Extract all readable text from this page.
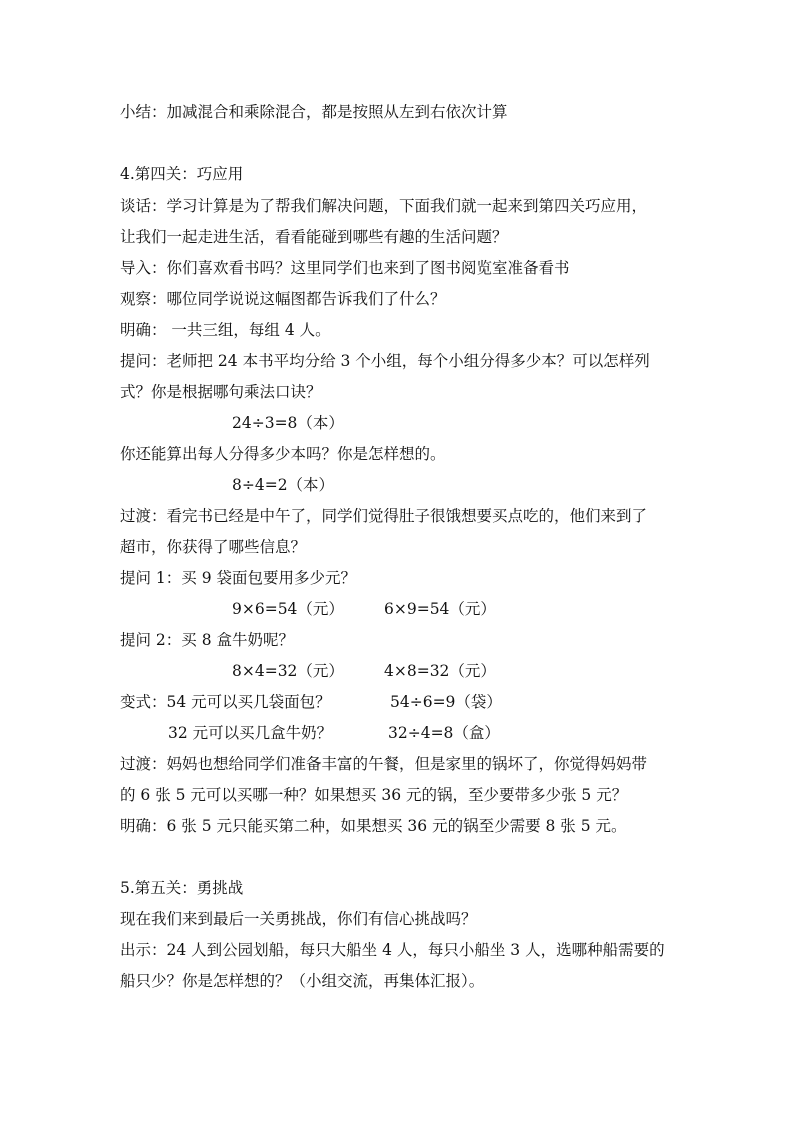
小结：加减混合和乘除混合，都是按照从左到右依次计算
4.第四关：巧应用
谈话：学习计算是为了帮我们解决问题，下面我们就一起来到第四关巧应用，
让我们一起走进生活，看看能碰到哪些有趣的生活问题？
导入：你们喜欢看书吗？这里同学们也来到了图书阅览室准备看书
观察：哪位同学说说这幅图都告诉我们了什么？
明确： 一共三组，每组 4 人。
提问：老师把 24 本书平均分给 3 个小组，每个小组分得多少本？可以怎样列
式？你是根据哪句乘法口诀？
24÷3=8（本）
你还能算出每人分得多少本吗？你是怎样想的。
8÷4=2（本）
过渡：看完书已经是中午了，同学们觉得肚子很饿想要买点吃的，他们来到了
超市，你获得了哪些信息？
提问 1：买 9 袋面包要用多少元？
9×6=54（元）	6×9=54（元）
提问 2：买 8 盒牛奶呢？
8×4=32（元）	4×8=32（元）
变式：54 元可以买几袋面包？	54÷6=9（袋）
32 元可以买几盒牛奶？	32÷4=8（盒）
过渡：妈妈也想给同学们准备丰富的午餐，但是家里的锅坏了，你觉得妈妈带
的 6 张 5 元可以买哪一种？如果想买 36 元的锅，至少要带多少张 5 元？
明确：6 张 5 元只能买第二种，如果想买 36 元的锅至少需要 8 张 5 元。
5.第五关：勇挑战
现在我们来到最后一关勇挑战，你们有信心挑战吗？
出示：24 人到公园划船，每只大船坐 4 人，每只小船坐 3 人，选哪种船需要的
船只少？你是怎样想的？（小组交流，再集体汇报）。
